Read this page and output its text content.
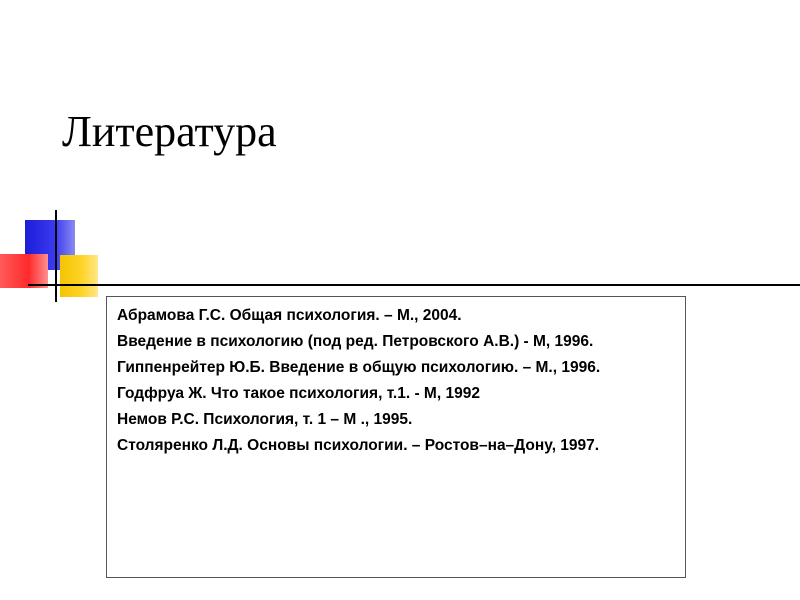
Литература
Абрамова Г.С. Общая психология. – М., 2004.
Введение в психологию (под ред. Петровского А.В.) - М, 1996.
Гиппенрейтер Ю.Б. Введение в общую психологию. – М., 1996.
Годфруа Ж. Что такое психология, т.1. - М, 1992
Немов Р.С. Психология, т. 1 – М ., 1995.
Столяренко Л.Д. Основы психологии. – Ростов–на–Дону, 1997.
